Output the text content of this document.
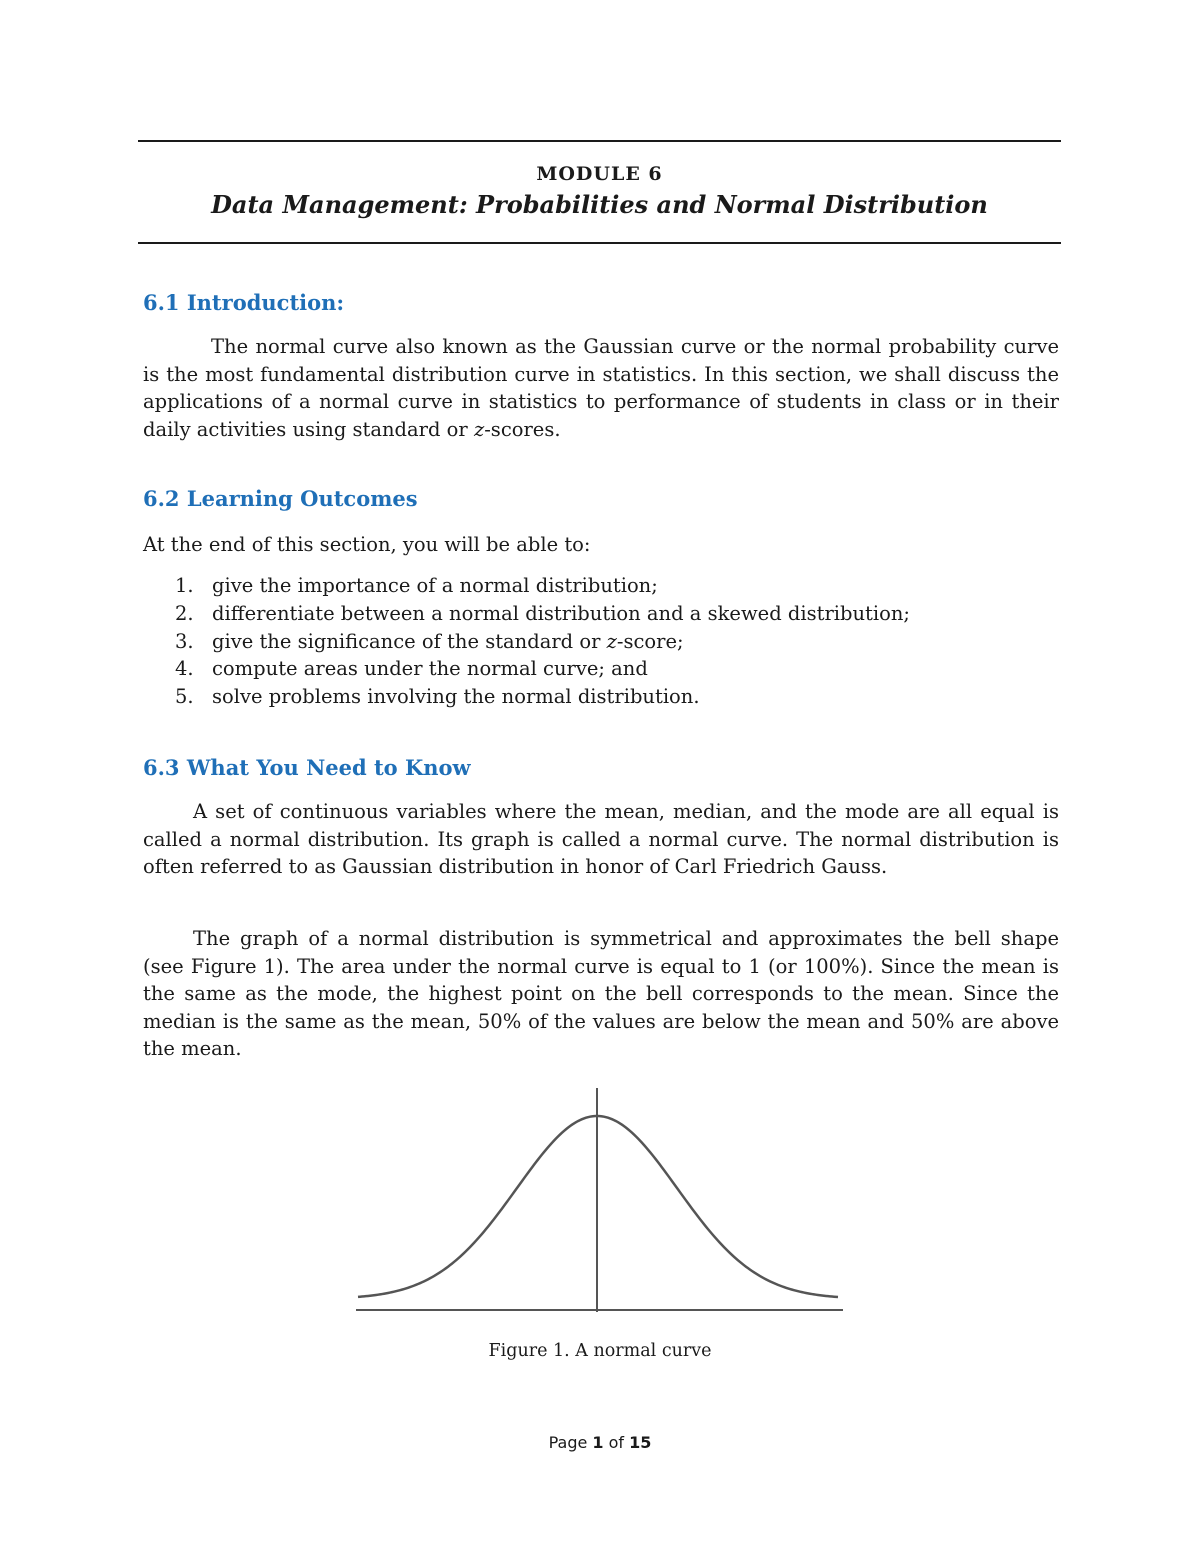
MODULE 6
Data Management: Probabilities and Normal Distribution
6.1 Introduction:

The normal curve also known as the Gaussian curve or the normal probability curve is the most fundamental distribution curve in statistics. In this section, we shall discuss the applications of a normal curve in statistics to performance of students in class or in their daily activities using standard or z-scores.

6.2 Learning Outcomes

At the end of this section, you will be able to:

1. give the importance of a normal distribution;
2. differentiate between a normal distribution and a skewed distribution;
3. give the significance of the standard or z-score;
4. compute areas under the normal curve; and
5. solve problems involving the normal distribution.
6.3 What You Need to Know

A set of continuous variables where the mean, median, and the mode are all equal is called a normal distribution. Its graph is called a normal curve. The normal distribution is often referred to as Gaussian distribution in honor of Carl Friedrich Gauss.

The graph of a normal distribution is symmetrical and approximates the bell shape (see Figure 1). The area under the normal curve is equal to 1 (or 100%). Since the mean is the same as the mode, the highest point on the bell corresponds to the mean. Since the median is the same as the mean, 50% of the values are below the mean and 50% are above the mean.

Figure 1. A normal curve
Page 1 of 15
